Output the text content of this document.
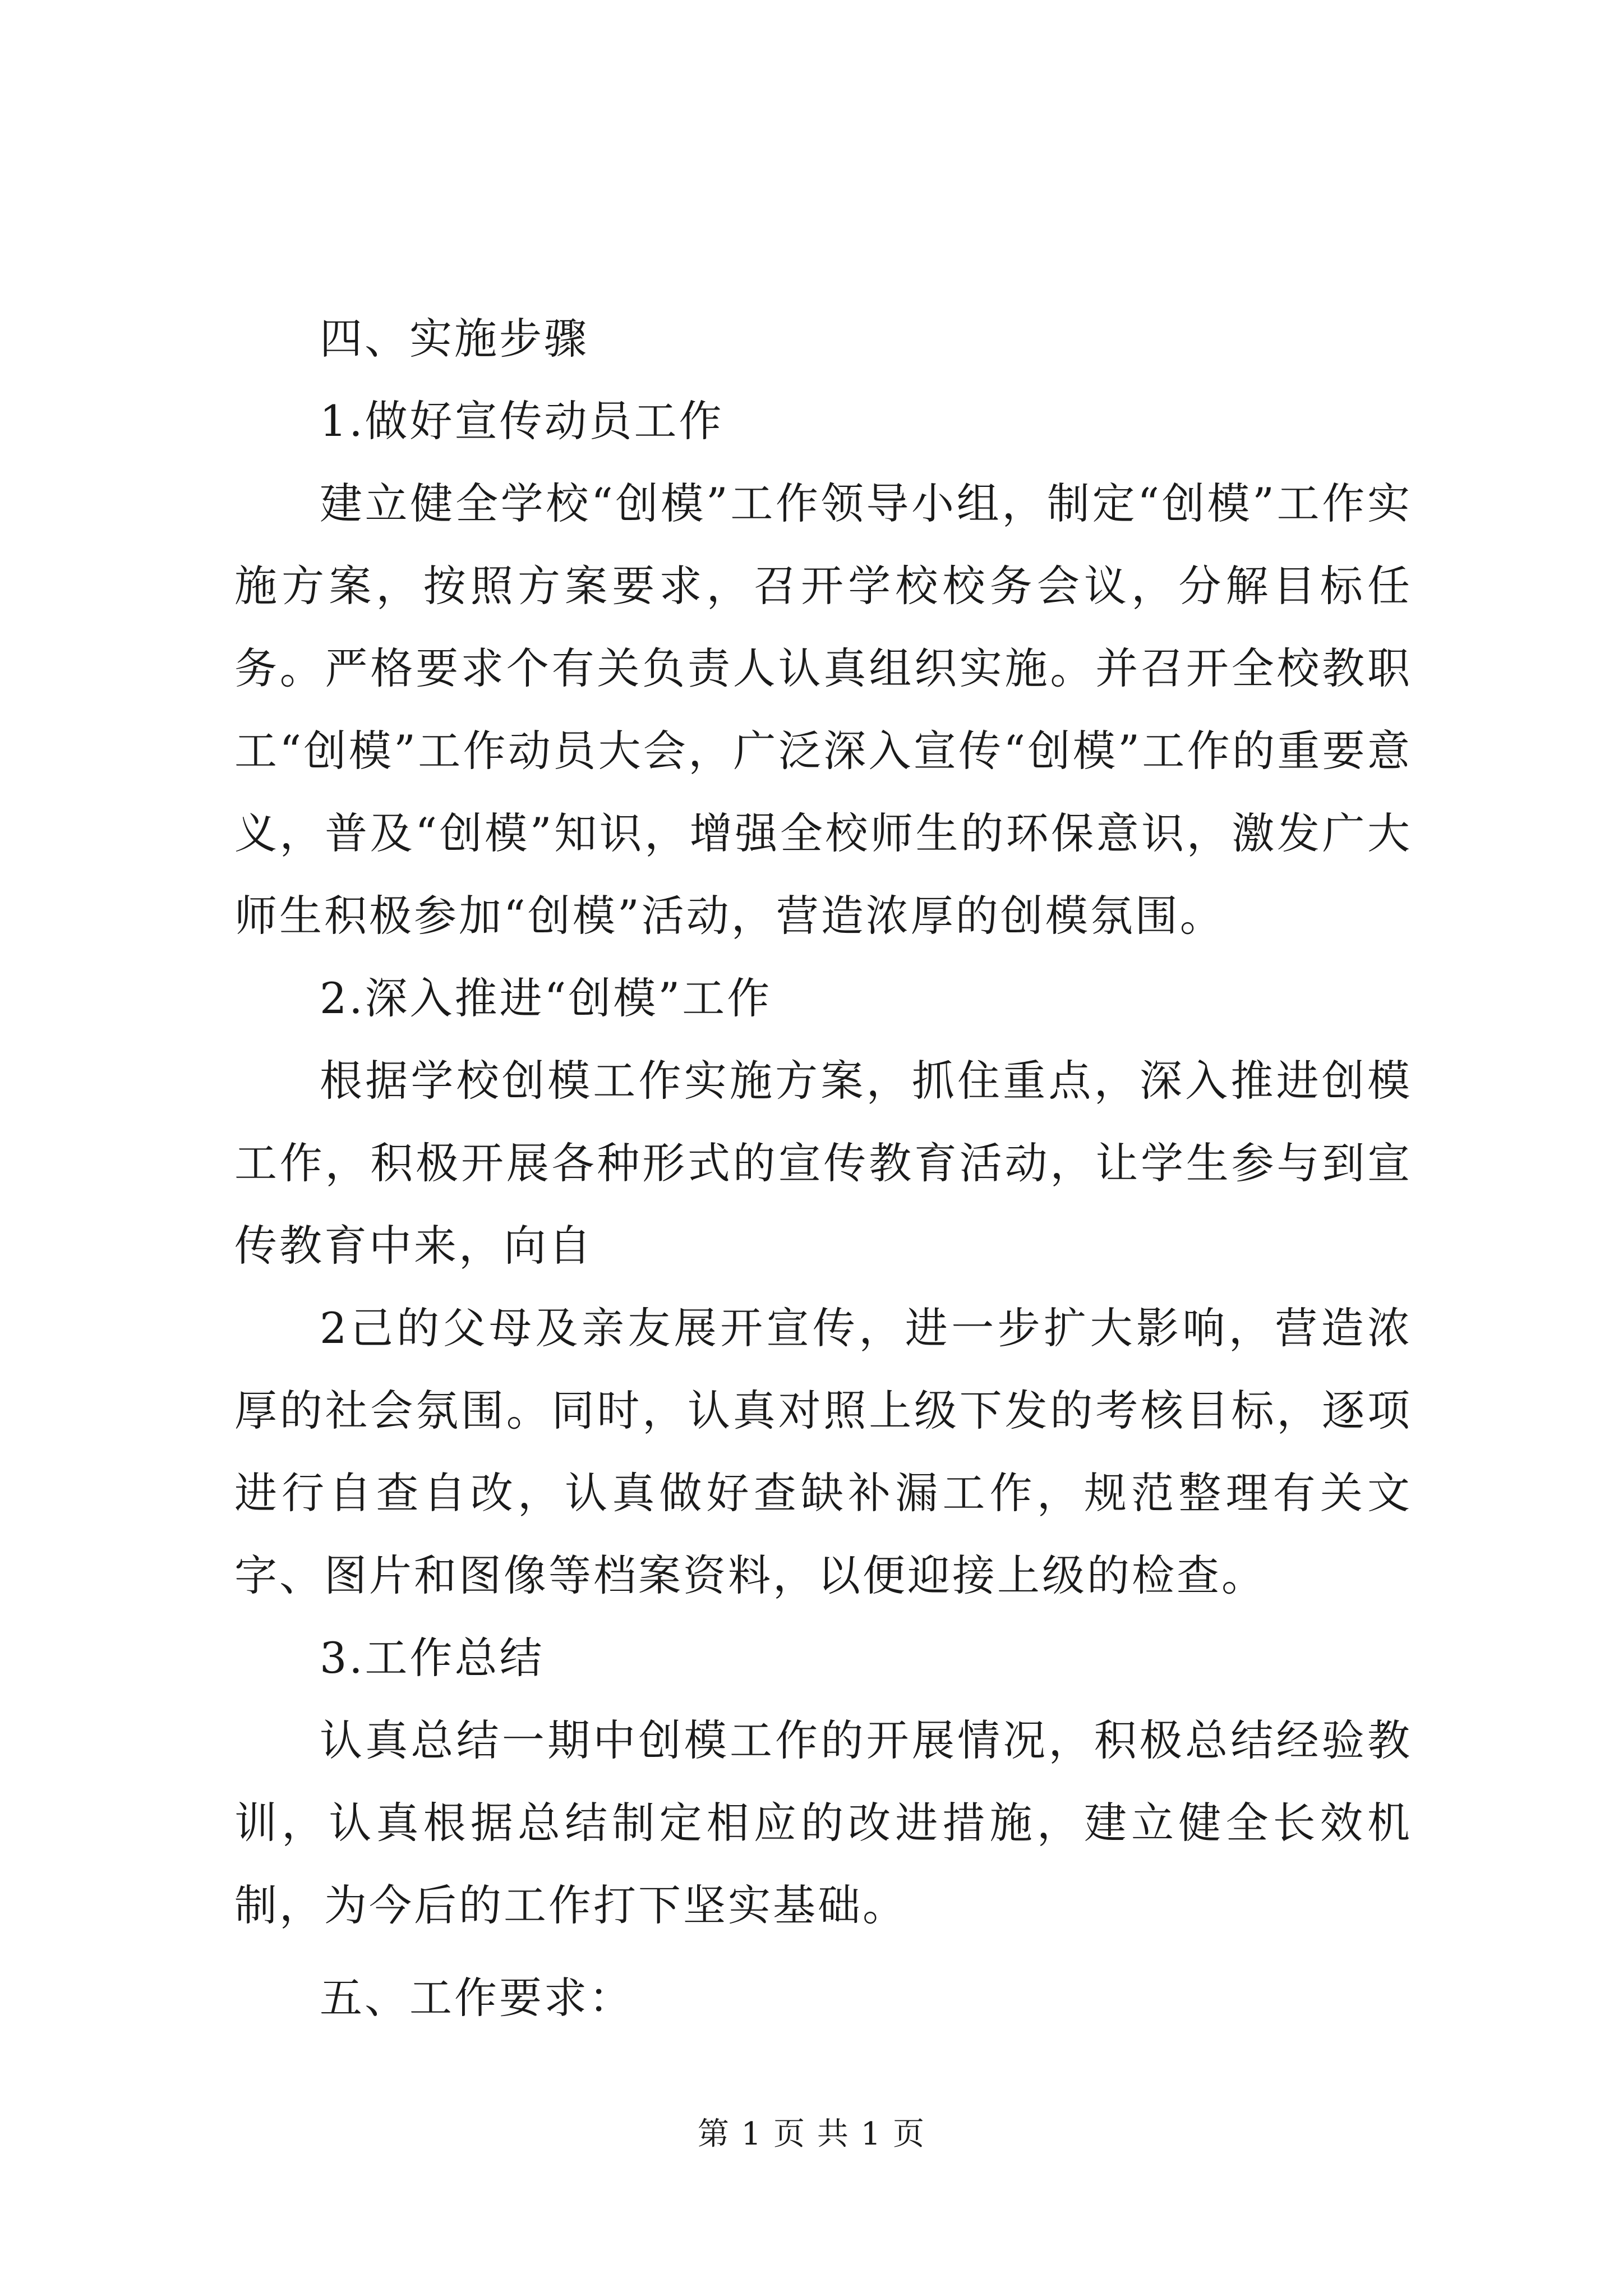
四、实施步骤

1.做好宣传动员工作

建立健全学校“创模”工作领导小组，制定“创模”工作实施方案，按照方案要求，召开学校校务会议，分解目标任务。严格要求个有关负责人认真组织实施。并召开全校教职工“创模”工作动员大会，广泛深入宣传“创模”工作的重要意义，普及“创模”知识，增强全校师生的环保意识，激发广大师生积极参加“创模”活动，营造浓厚的创模氛围。

2.深入推进“创模”工作

根据学校创模工作实施方案，抓住重点，深入推进创模工作，积极开展各种形式的宣传教育活动，让学生参与到宣传教育中来，向自

2己的父母及亲友展开宣传，进一步扩大影响，营造浓厚的社会氛围。同时，认真对照上级下发的考核目标，逐项进行自查自改，认真做好查缺补漏工作，规范整理有关文字、图片和图像等档案资料，以便迎接上级的检查。

3.工作总结

认真总结一期中创模工作的开展情况，积极总结经验教训，认真根据总结制定相应的改进措施，建立健全长效机制，为今后的工作打下坚实基础。

五、工作要求：

第 1 页 共 1 页
